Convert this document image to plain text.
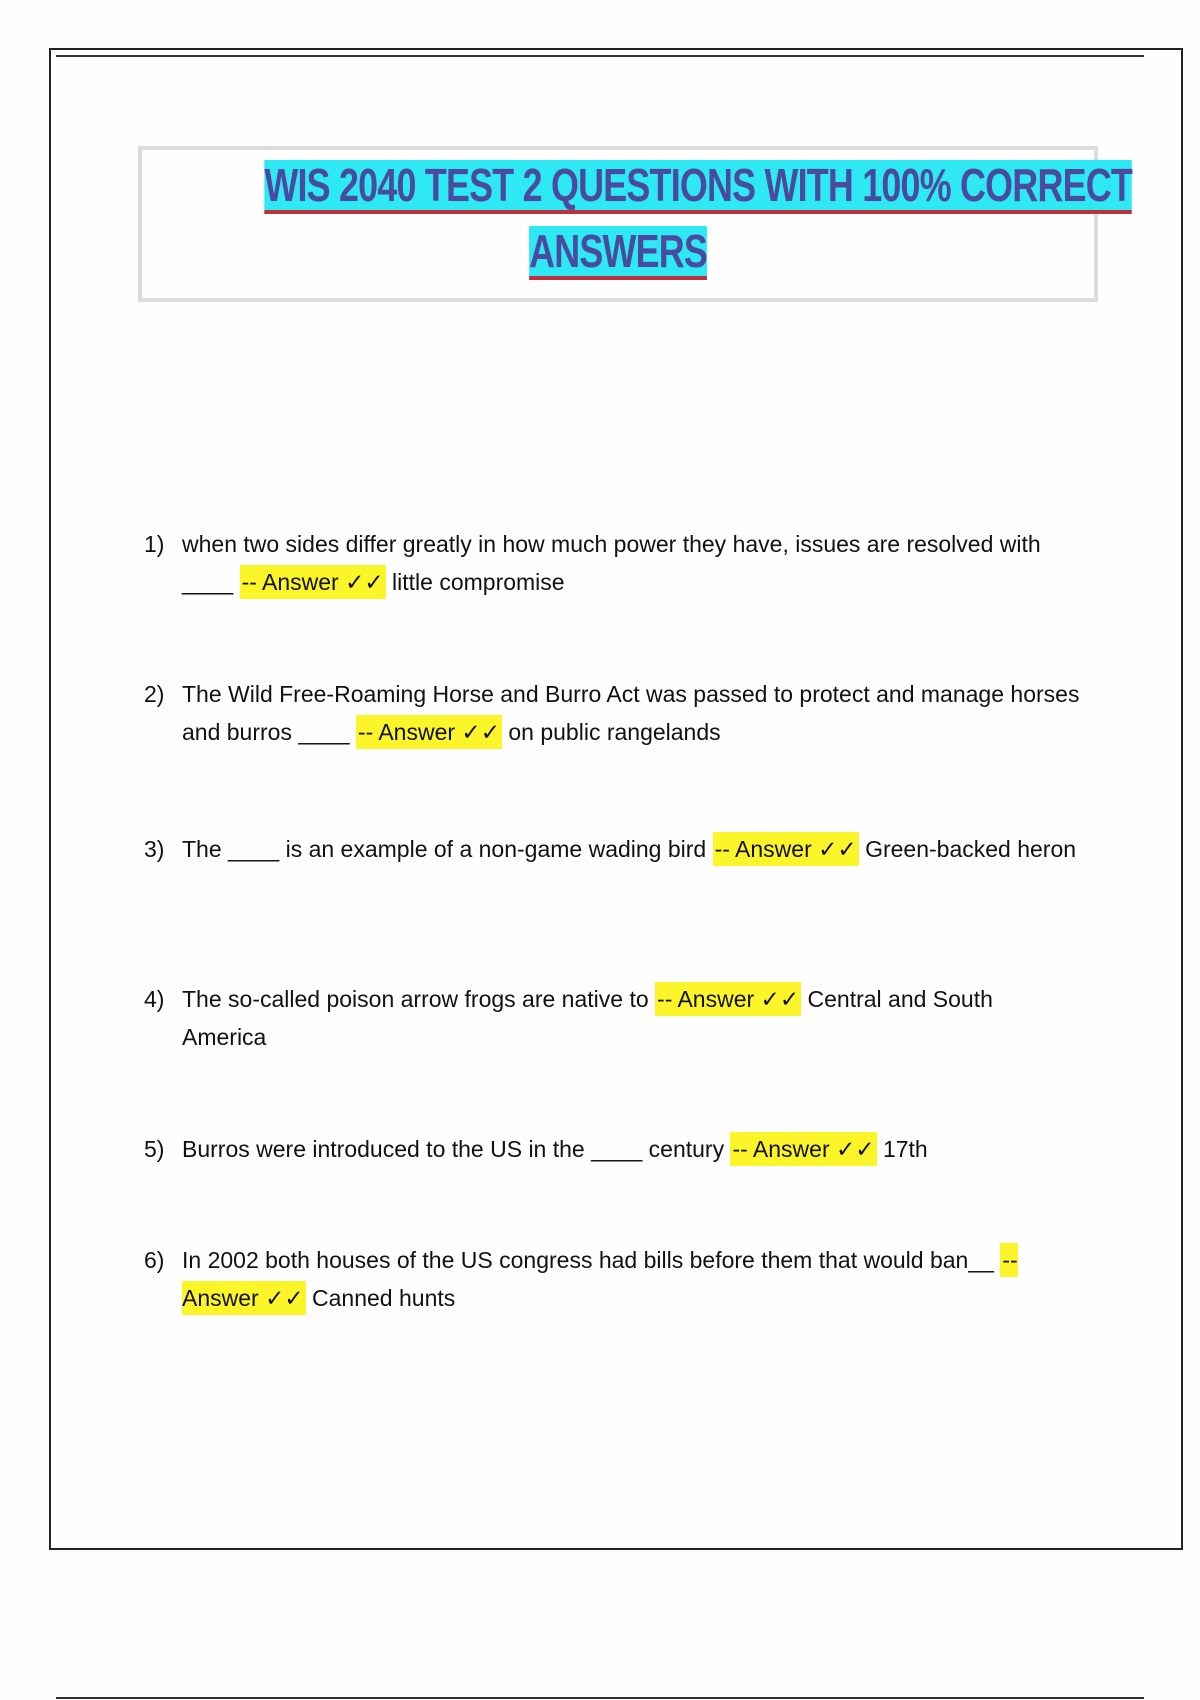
WIS 2040 TEST 2 QUESTIONS WITH 100% CORRECT
ANSWERS
1) when two sides differ greatly in how much power they have, issues are resolved with ____ -- Answer ✓✓ little compromise
2) The Wild Free-Roaming Horse and Burro Act was passed to protect and manage horses and burros ____ -- Answer ✓✓ on public rangelands
3) The ____ is an example of a non-game wading bird -- Answer ✓✓ Green-backed heron
4) The so-called poison arrow frogs are native to -- Answer ✓✓ Central and South America
5) Burros were introduced to the US in the ____ century -- Answer ✓✓ 17th
6) In 2002 both houses of the US congress had bills before them that would ban__ -- Answer ✓✓ Canned hunts
